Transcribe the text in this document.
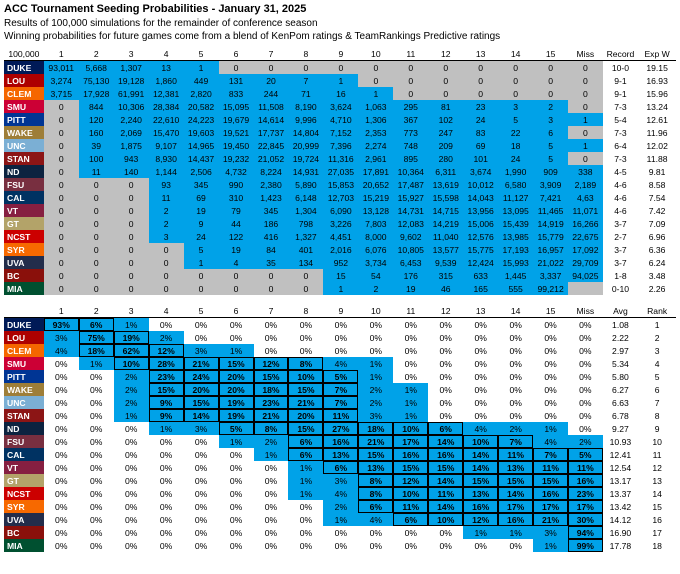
ACC Tournament Seeding Probabilities - January 31, 2025
Results of 100,000 simulations for the remainder of conference season
Winning probabilities for future games come from a blend of KenPom ratings & TeamRankings Predictive ratings
100,000	1	2	3	4	5	6	7	8	9	10	11	12	13	14	15	Miss	Record	Exp W
DUKE	93,011	5,668	1,307	13	1	0	0	0	0	0	0	0	0	0	0	0	10-0	19.15
LOU	3,274	75,130	19,128	1,860	449	131	20	7	1	0	0	0	0	0	0	0	9-1	16.93
CLEM	3,715	17,928	61,991	12,381	2,820	833	244	71	16	1	0	0	0	0	0	0	9-1	15.96
SMU	0	844	10,306	28,384	20,582	15,095	11,508	8,190	3,624	1,063	295	81	23	3	2	0	7-3	13.24
PITT	0	120	2,240	22,610	24,223	19,679	14,614	9,996	4,710	1,306	367	102	24	5	3	1	5-4	12.61
WAKE	0	160	2,069	15,470	19,603	19,521	17,737	14,804	7,152	2,353	773	247	83	22	6	0	7-3	11.96
UNC	0	39	1,875	9,107	14,965	19,450	22,845	20,999	7,396	2,274	748	209	69	18	5	1	6-4	12.02
STAN	0	100	943	8,930	14,437	19,232	21,052	19,724	11,316	2,961	895	280	101	24	5	0	7-3	11.88
ND	0	11	140	1,144	2,506	4,732	8,224	14,931	27,035	17,891	10,364	6,311	3,674	1,990	909	338	4-5	9.81
FSU	0	0	0	93	345	990	2,380	5,890	15,853	20,652	17,487	13,619	10,012	6,580	3,909	2,189	4-6	8.58
CAL	0	0	0	11	69	310	1,423	6,148	12,703	15,219	15,927	15,598	14,043	11,127	7,421	4,63	4-6	7.54
VT	0	0	0	2	19	79	345	1,304	6,090	13,128	14,731	14,715	13,956	13,095	11,465	11,071	4-6	7.42
GT	0	0	0	2	9	44	186	798	3,226	7,803	12,083	14,219	15,006	15,439	14,919	16,266	3-7	7.09
NCST	0	0	0	3	24	122	416	1,327	4,451	8,000	9,602	11,040	12,576	13,985	15,779	22,675	2-7	6.96
SYR	0	0	0	0	5	19	84	401	2,016	6,076	10,805	13,577	15,775	17,193	16,957	17,092	3-7	6.36
UVA	0	0	0	0	1	4	35	134	952	3,734	6,453	9,539	12,424	15,993	21,022	29,709	3-7	6.24
BC	0	0	0	0	0	0	0	0	15	54	176	315	633	1,445	3,337	94,025	1-8	3.48
MIA	0	0	0	0	0	0	0	0	1	2	19	46	165	555	99,212		0-10	2.26
	1	2	3	4	5	6	7	8	9	10	11	12	13	14	15	Miss	Avg	Rank
DUKE	93%	6%	1%	0%	0%	0%	0%	0%	0%	0%	0%	0%	0%	0%	0%	0%	1.08	1
LOU	3%	75%	19%	2%	0%	0%	0%	0%	0%	0%	0%	0%	0%	0%	0%	0%	2.22	2
CLEM	4%	18%	62%	12%	3%	1%	0%	0%	0%	0%	0%	0%	0%	0%	0%	0%	2.97	3
SMU	0%	1%	10%	28%	21%	15%	12%	8%	4%	1%	0%	0%	0%	0%	0%	0%	5.34	4
PITT	0%	0%	2%	23%	24%	20%	15%	10%	5%	1%	0%	0%	0%	0%	0%	0%	5.80	5
WAKE	0%	0%	2%	15%	20%	20%	18%	15%	7%	2%	1%	0%	0%	0%	0%	0%	6.27	6
UNC	0%	0%	2%	9%	15%	19%	23%	21%	7%	2%	1%	0%	0%	0%	0%	0%	6.63	7
STAN	0%	0%	1%	9%	14%	19%	21%	20%	11%	3%	1%	0%	0%	0%	0%	0%	6.78	8
ND	0%	0%	0%	1%	3%	5%	8%	15%	27%	18%	10%	6%	4%	2%	1%	0%	9.27	9
FSU	0%	0%	0%	0%	0%	1%	2%	6%	16%	21%	17%	14%	10%	7%	4%	2%	10.93	10
CAL	0%	0%	0%	0%	0%	0%	1%	6%	13%	15%	16%	16%	14%	11%	7%	5%	12.41	11
VT	0%	0%	0%	0%	0%	0%	0%	1%	6%	13%	15%	15%	14%	13%	11%	11%	12.54	12
GT	0%	0%	0%	0%	0%	0%	0%	1%	3%	8%	12%	14%	15%	15%	15%	16%	13.17	13
NCST	0%	0%	0%	0%	0%	0%	0%	1%	4%	8%	10%	11%	13%	14%	16%	23%	13.37	14
SYR	0%	0%	0%	0%	0%	0%	0%	0%	2%	6%	11%	14%	16%	17%	17%	17%	13.42	15
UVA	0%	0%	0%	0%	0%	0%	0%	0%	1%	4%	6%	10%	12%	16%	21%	30%	14.12	16
BC	0%	0%	0%	0%	0%	0%	0%	0%	0%	0%	0%	0%	1%	1%	3%	94%	16.90	17
MIA	0%	0%	0%	0%	0%	0%	0%	0%	0%	0%	0%	0%	0%	0%	1%	99%	17.78	18
